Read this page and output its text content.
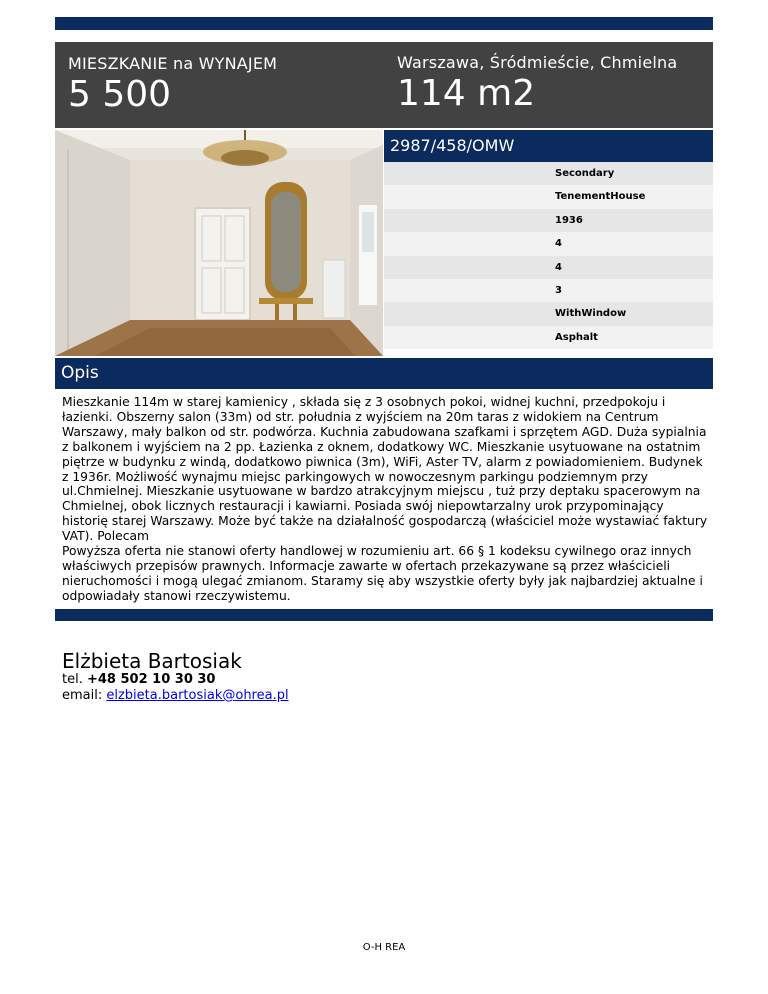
MIESZKANIE na WYNAJEM
5 500
Warszawa, Śródmieście, Chmielna
114 m2
2987/458/OMW
Secondary
TenementHouse
1936
4
4
3
WithWindow
Asphalt
Opis

Mieszkanie 114m w starej kamienicy , składa się z 3 osobnych pokoi, widnej kuchni, przedpokoju i łazienki. Obszerny salon (33m) od str. południa z wyjściem na 20m taras z widokiem na Centrum Warszawy, mały balkon od str. podwórza. Kuchnia zabudowana szafkami i sprzętem AGD. Duża sypialnia z balkonem i wyjściem na 2 pp. Łazienka z oknem, dodatkowy WC. Mieszkanie usytuowane na ostatnim piętrze w budynku z windą, dodatkowo piwnica (3m), WiFi, Aster TV, alarm z powiadomieniem. Budynek z 1936r. Możliwość wynajmu miejsc parkingowych w nowoczesnym parkingu podziemnym przy ul.Chmielnej. Mieszkanie usytuowane w bardzo atrakcyjnym miejscu , tuż przy deptaku spacerowym na Chmielnej, obok licznych restauracji i kawiarni. Posiada swój niepowtarzalny urok przypominający historię starej Warszawy. Może być także na działalność gospodarczą (właściciel może wystawiać faktury VAT). Polecam

Powyższa oferta nie stanowi oferty handlowej w rozumieniu art. 66 § 1 kodeksu cywilnego oraz innych właściwych przepisów prawnych. Informacje zawarte w ofertach przekazywane są przez właścicieli nieruchomości i mogą ulegać zmianom. Staramy się aby wszystkie oferty były jak najbardziej aktualne i odpowiadały stanowi rzeczywistemu.

Elżbieta Bartosiak
tel. +48 502 10 30 30
email: elzbieta.bartosiak@ohrea.pl
O-H REA
